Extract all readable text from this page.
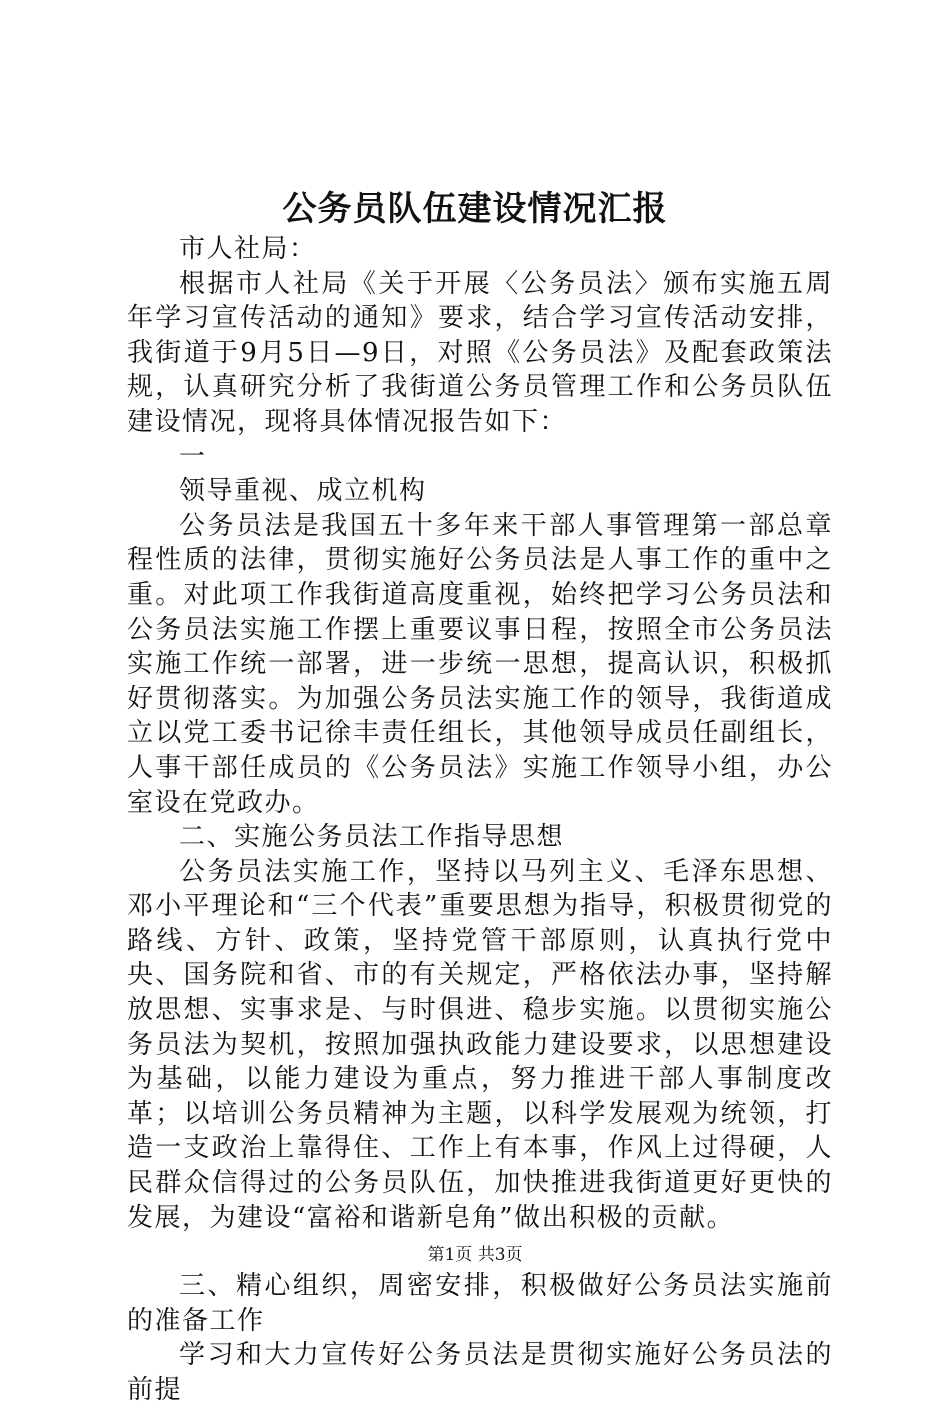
公务员队伍建设情况汇报

市人社局：

根据市人社局《关于开展〈公务员法〉颁布实施五周年学习宣传活动的通知》要求，结合学习宣传活动安排，我街道于9月5日—9日，对照《公务员法》及配套政策法规，认真研究分析了我街道公务员管理工作和公务员队伍建设情况，现将具体情况报告如下：

一

领导重视、成立机构

公务员法是我国五十多年来干部人事管理第一部总章程性质的法律，贯彻实施好公务员法是人事工作的重中之重。对此项工作我街道高度重视，始终把学习公务员法和公务员法实施工作摆上重要议事日程，按照全市公务员法实施工作统一部署，进一步统一思想，提高认识，积极抓好贯彻落实。为加强公务员法实施工作的领导，我街道成立以党工委书记徐丰责任组长，其他领导成员任副组长，人事干部任成员的《公务员法》实施工作领导小组，办公室设在党政办。

二、实施公务员法工作指导思想

公务员法实施工作，坚持以马列主义、毛泽东思想、邓小平理论和“三个代表”重要思想为指导，积极贯彻党的路线、方针、政策，坚持党管干部原则，认真执行党中央、国务院和省、市的有关规定，严格依法办事，坚持解放思想、实事求是、与时俱进、稳步实施。以贯彻实施公务员法为契机，按照加强执政能力建设要求，以思想建设为基础，以能力建设为重点，努力推进干部人事制度改革；以培训公务员精神为主题，以科学发展观为统领，打造一支政治上靠得住、工作上有本事，作风上过得硬，人民群众信得过的公务员队伍，加快推进我街道更好更快的发展，为建设“富裕和谐新皂角”做出积极的贡献。

三、精心组织，周密安排，积极做好公务员法实施前的准备工作

学习和大力宣传好公务员法是贯彻实施好公务员法的前提

第1页 共3页
